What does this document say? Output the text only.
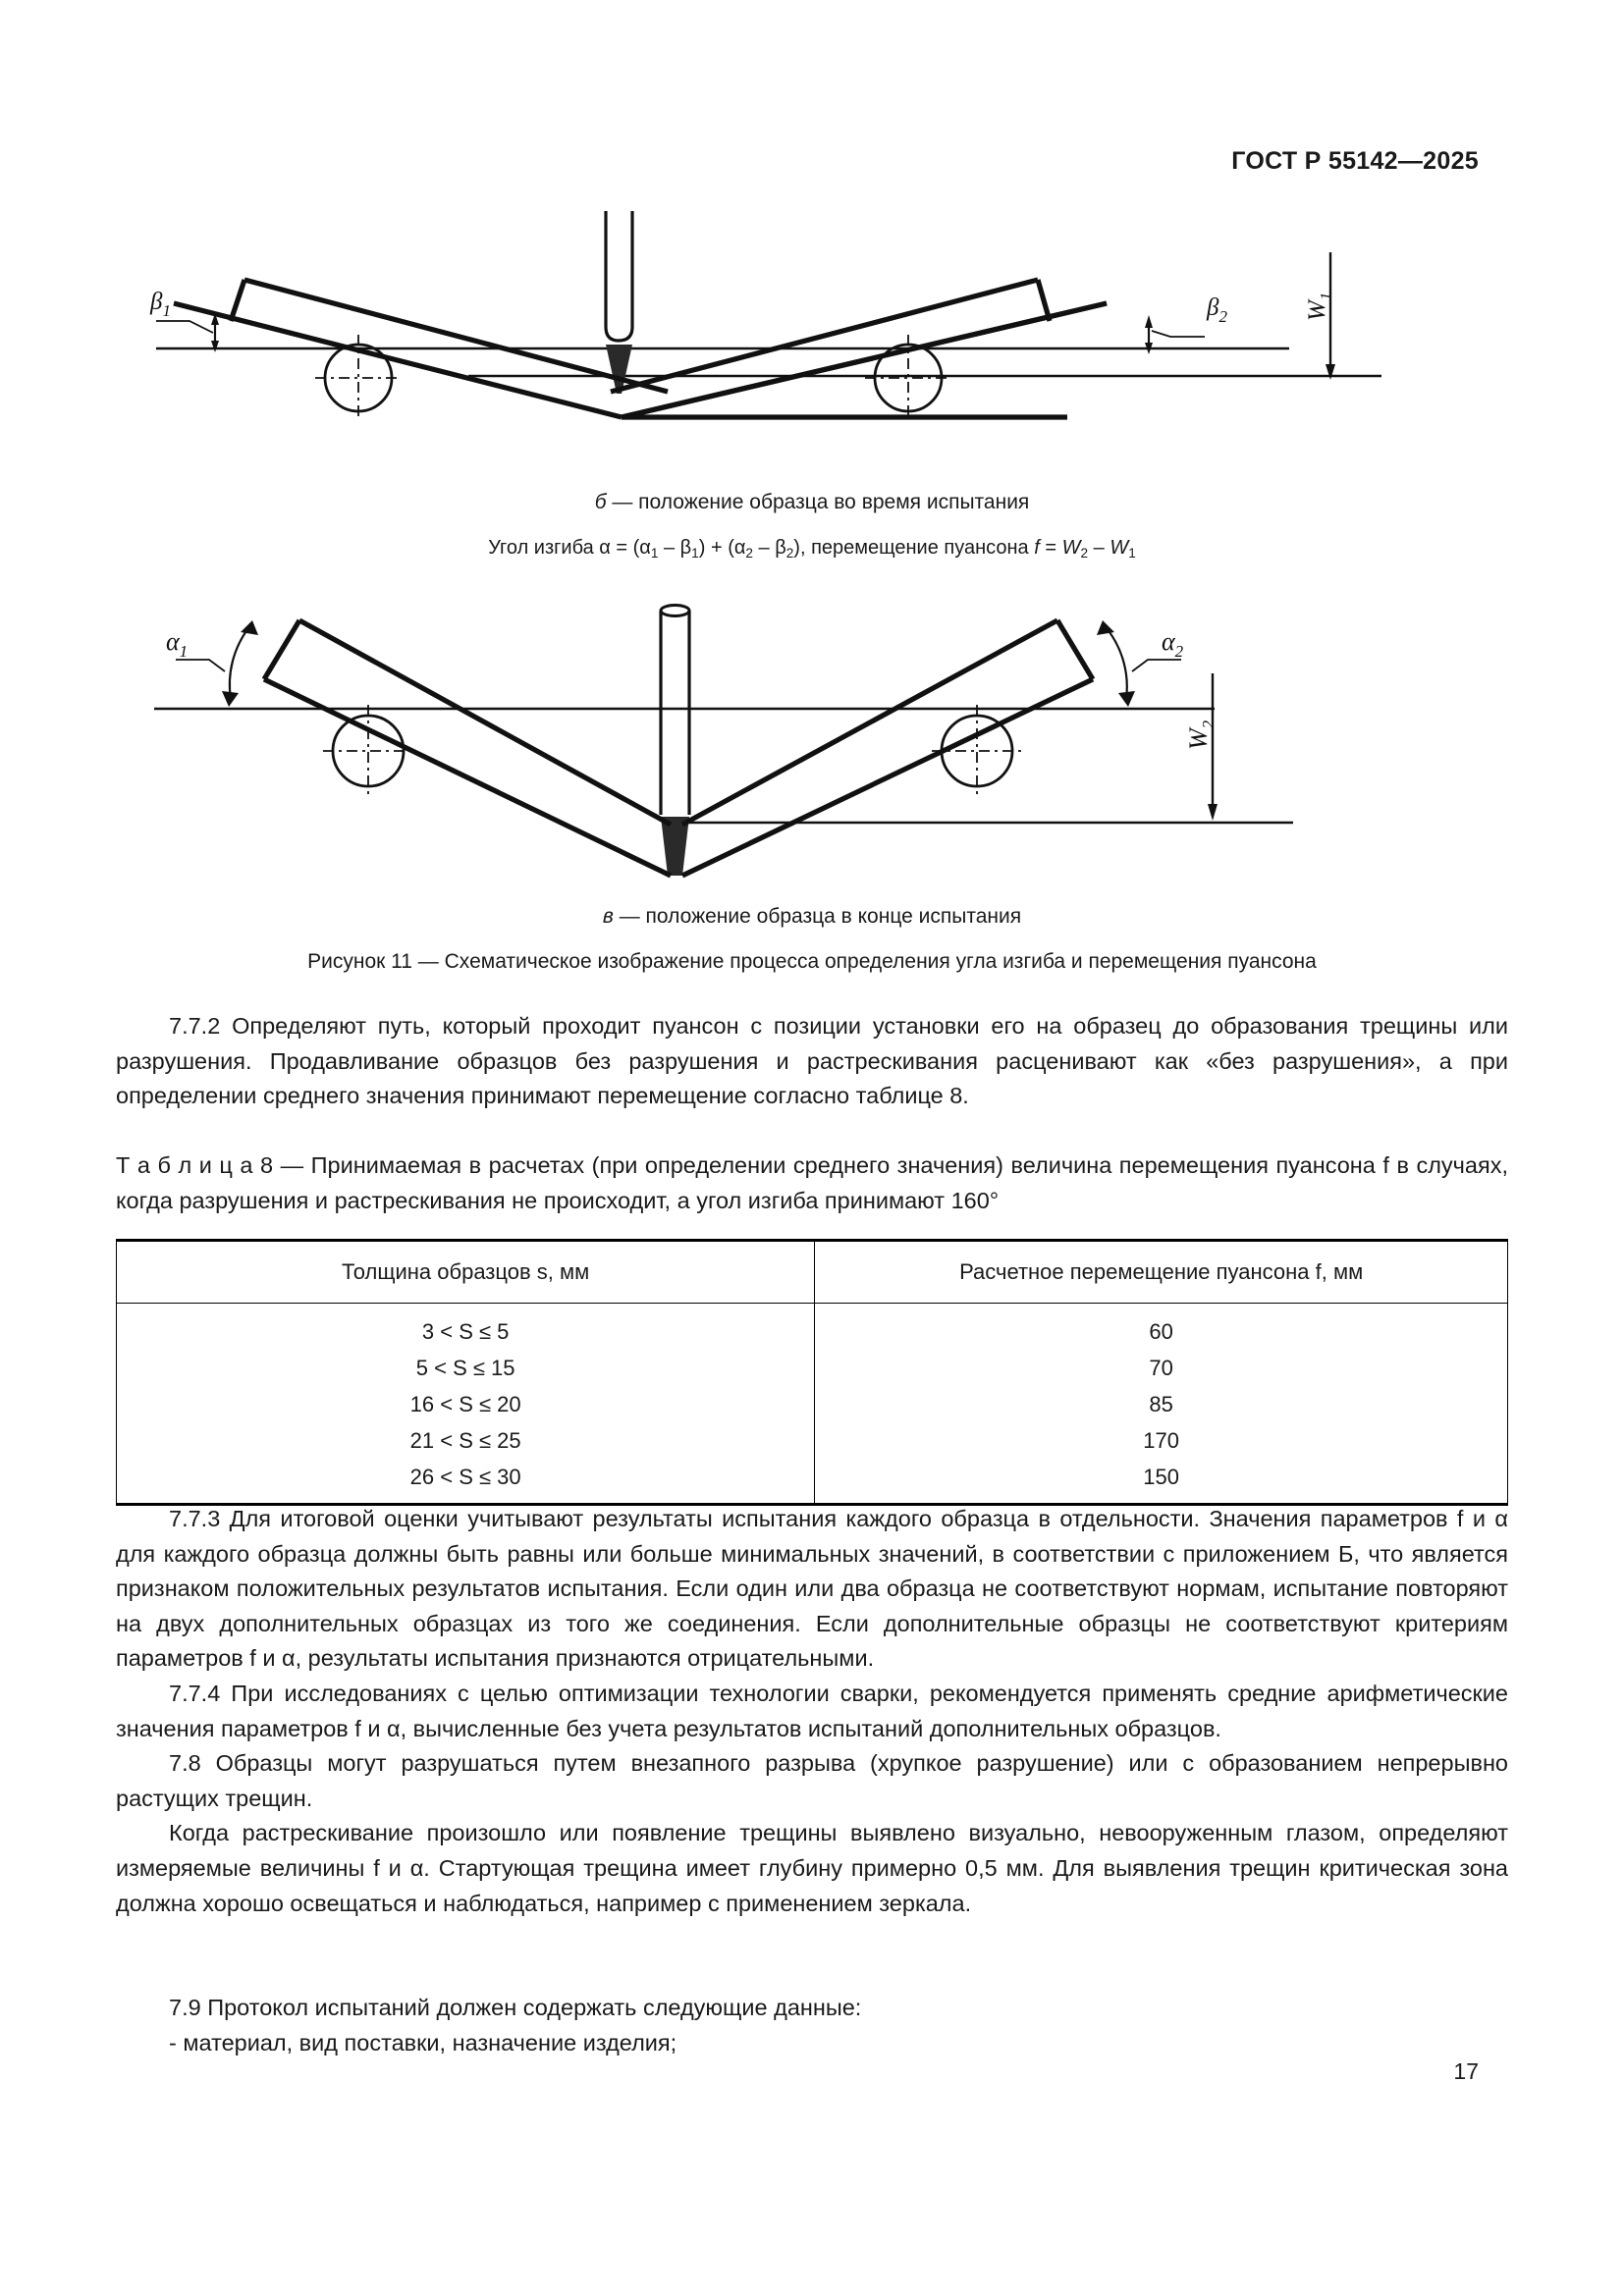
ГОСТ Р 55142—2025
$\beta_1$	$\beta_2$	$W_1$
б — положение образца во время испытания
Угол изгиба α = (α1 – β1) + (α2 – β2), перемещение пуансона f = W2 – W1
$\alpha_1$	$\alpha_2$
$W_2$
в — положение образца в конце испытания
Рисунок 11 — Схематическое изображение процесса определения угла изгиба и перемещения пуансона

7.7.2 Определяют путь, который проходит пуансон с позиции установки его на образец до образования трещины или разрушения. Продавливание образцов без разрушения и растрескивания расценивают как «без разрушения», а при определении среднего значения принимают перемещение согласно таблице 8.

Т а б л и ц а 8 — Принимаемая в расчетах (при определении среднего значения) величина перемещения пуансона f в случаях, когда разрушения и растрескивания не происходит, а угол изгиба принимают 160°
Толщина образцов s, мм	Расчетное перемещение пуансона f, мм
3 < S ≤ 5	60
5 < S ≤ 15	70
16 < S ≤ 20	85
21 < S ≤ 25	170
26 < S ≤ 30	150

7.7.3 Для итоговой оценки учитывают результаты испытания каждого образца в отдельности. Значения параметров f и α для каждого образца должны быть равны или больше минимальных значений, в соответствии с приложением Б, что является признаком положительных результатов испытания. Если один или два образца не соответствуют нормам, испытание повторяют на двух дополнительных образцах из того же соединения. Если дополнительные образцы не соответствуют критериям параметров f и α, результаты испытания признаются отрицательными.

7.7.4 При исследованиях с целью оптимизации технологии сварки, рекомендуется применять средние арифметические значения параметров f и α, вычисленные без учета результатов испытаний дополнительных образцов.

7.8 Образцы могут разрушаться путем внезапного разрыва (хрупкое разрушение) или с образованием непрерывно растущих трещин.

Когда растрескивание произошло или появление трещины выявлено визуально, невооруженным глазом, определяют измеряемые величины f и α. Стартующая трещина имеет глубину примерно 0,5 мм. Для выявления трещин критическая зона должна хорошо освещаться и наблюдаться, например с применением зеркала.

7.9 Протокол испытаний должен содержать следующие данные:

- материал, вид поставки, назначение изделия;

17
